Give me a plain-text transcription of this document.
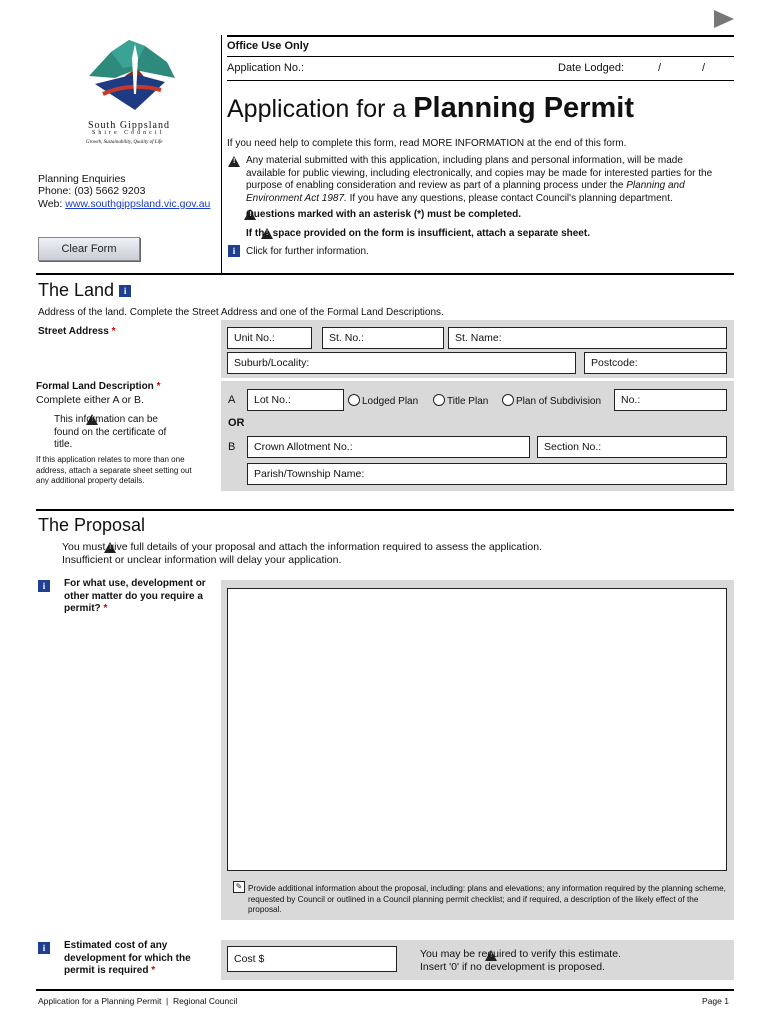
Office Use Only
Application No.:	Date Lodged:	/	/
South Gippsland
Shire Council
Growth, Sustainability, Quality of Life
Planning Enquiries
Phone: (03) 5662 9203
Web: www.southgippsland.vic.gov.au
Clear Form
Application for a Planning Permit
If you need help to complete this form, read MORE INFORMATION at the end of this form.
!
Any material submitted with this application, including plans and personal information, will be made available for public viewing, including electronically, and copies may be made for interested parties for the purpose of enabling consideration and review as part of a planning process under the Planning and Environment Act 1987. If you have any questions, please contact Council's planning department.
!
Questions marked with an asterisk (*) must be completed.
!
If the space provided on the form is insufficient, attach a separate sheet.
i	Click for further information.
The Land i
Address of the land. Complete the Street Address and one of the Formal Land Descriptions.
Street Address *
Unit No.:	St. No.:	St. Name:
Suburb/Locality:	Postcode:
Formal Land Description *
Complete either A or B.
!
This information can be found on the certificate of title.
If this application relates to more than one address, attach a separate sheet setting out any additional property details.
A	Lot No.:	Lodged Plan	Title Plan	Plan of Subdivision	No.:
OR
B	Crown Allotment No.:	Section No.:
Parish/Township Name:
The Proposal
!
You must give full details of your proposal and attach the information required to assess the application. Insufficient or unclear information will delay your application.
i	For what use, development or other matter do you require a permit? *
✎ Provide additional information about the proposal, including: plans and elevations; any information required by the planning scheme, requested by Council or outlined in a Council planning permit checklist; and if required, a description of the likely effect of the proposal.
i	Estimated cost of any development for which the permit is required *
Cost $
!	You may be required to verify this estimate.
Insert '0' if no development is proposed.
Application for a Planning Permit  |  Regional Council	Page 1
